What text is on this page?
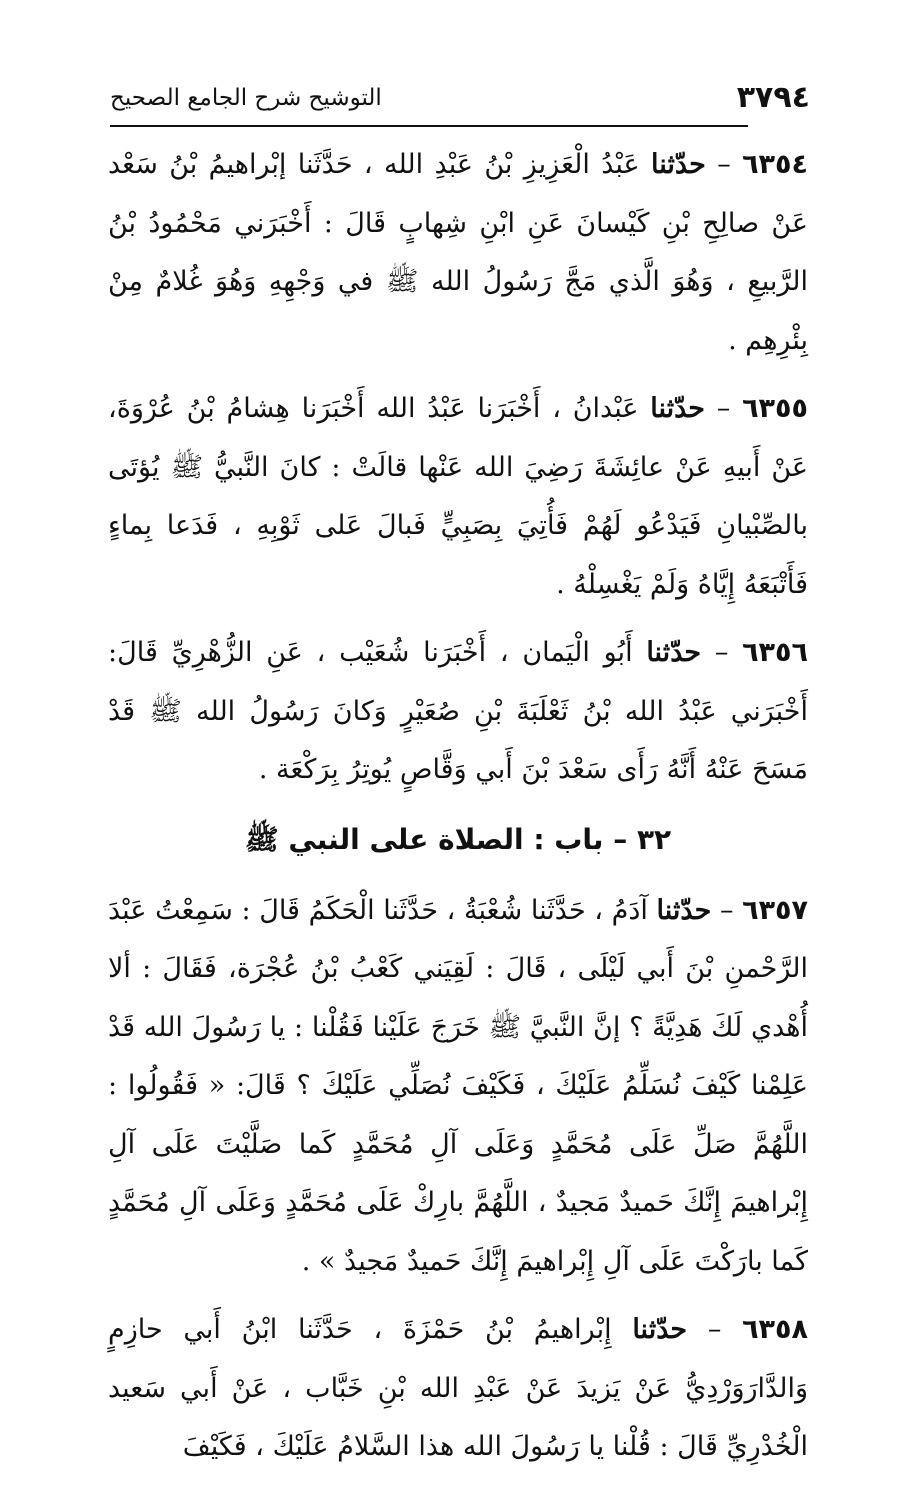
٣٧٩٤
التوشيح شرح الجامع الصحيح

٦٣٥٤ – حدّثنا عَبْدُ الْعَزِيزِ بْنُ عَبْدِ الله ، حَدَّثَنا إبْراهيمُ بْنُ سَعْد عَنْ صالِحِ بْنِ كَيْسانَ عَنِ ابْنِ شِهابٍ قَالَ : أَخْبَرَني مَحْمُودُ بْنُ الرَّبيعِ ، وَهُوَ الَّذي مَجَّ رَسُولُ الله ﷺ في وَجْهِهِ وَهُوَ غُلامٌ مِنْ بِئْرِهِم .

٦٣٥٥ – حدّثنا عَبْدانُ ، أَخْبَرَنا عَبْدُ الله أَخْبَرَنا هِشامُ بْنُ عُرْوَةَ، عَنْ أَبيهِ عَنْ عائِشَةَ رَضِيَ الله عَنْها قالَتْ : كانَ النَّبيُّ ﷺ يُؤتَى بالصِّبْيانِ فَيَدْعُو لَهُمْ فَأُتِيَ بِصَبِيٍّ فَبالَ عَلى ثَوْبِهِ ، فَدَعا بِماءٍ فَأَتْبَعَهُ إِيَّاهُ وَلَمْ يَغْسِلْهُ .

٦٣٥٦ – حدّثنا أَبُو الْيَمان ، أَخْبَرَنا شُعَيْب ، عَنِ الزُّهْرِيِّ قَالَ: أَخْبَرَني عَبْدُ الله بْنُ ثَعْلَبَةَ بْنِ صُعَيْرٍ وَكانَ رَسُولُ الله ﷺ قَدْ مَسَحَ عَنْهُ أَنَّهُ رَأَى سَعْدَ بْنَ أَبي وَقَّاصٍ يُوتِرُ بِرَكْعَة .

٣٢ – باب : الصلاة على النبي ﷺ

٦٣٥٧ – حدّثنا آدَمُ ، حَدَّثَنا شُعْبَةُ ، حَدَّثَنا الْحَكَمُ قَالَ : سَمِعْتُ عَبْدَ الرَّحْمنِ بْنَ أَبي لَيْلَى ، قَالَ : لَقِيَني كَعْبُ بْنُ عُجْرَة، فَقَالَ : ألا أُهْدي لَكَ هَدِيَّةً ؟ إنَّ النَّبيَّ ﷺ خَرَجَ عَلَيْنا فَقُلْنا : يا رَسُولَ الله قَدْ عَلِمْنا كَيْفَ نُسَلِّمُ عَلَيْكَ ، فَكَيْفَ نُصَلِّي عَلَيْكَ ؟ قَالَ: « فَقُولُوا : اللَّهُمَّ صَلِّ عَلَى مُحَمَّدٍ وَعَلَى آلِ مُحَمَّدٍ كَما صَلَّيْتَ عَلَى آلِ إِبْراهيمَ إِنَّكَ حَميدٌ مَجيدٌ ، اللَّهُمَّ بارِكْ عَلَى مُحَمَّدٍ وَعَلَى آلِ مُحَمَّدٍ كَما بارَكْتَ عَلَى آلِ إِبْراهيمَ إِنَّكَ حَميدٌ مَجيدٌ » .

٦٣٥٨ – حدّثنا إِبْراهيمُ بْنُ حَمْزَةَ ، حَدَّثَنا ابْنُ أَبي حازِمٍ وَالدَّارَوَرْدِيُّ عَنْ يَزيدَ عَنْ عَبْدِ الله بْنِ خَبَّاب ، عَنْ أَبي سَعيد الْخُدْرِيِّ قَالَ : قُلْنا يا رَسُولَ الله هذا السَّلامُ عَلَيْكَ ، فَكَيْفَ
